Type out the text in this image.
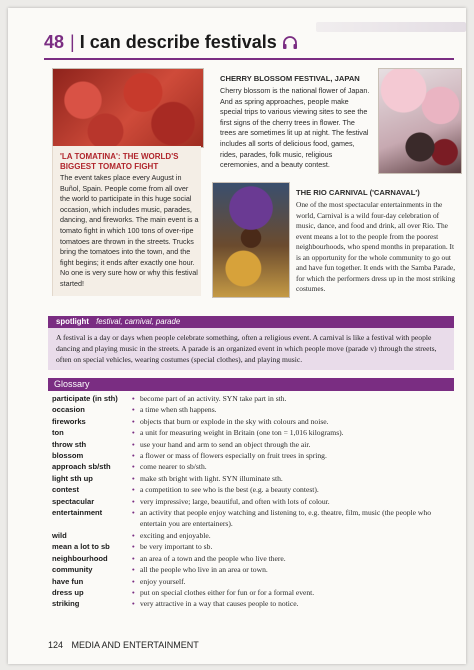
48 | I can describe festivals
'LA TOMATINA': THE WORLD'S BIGGEST TOMATO FIGHT
The event takes place every August in Buñol, Spain. People come from all over the world to participate in this huge social occasion, which includes music, parades, dancing, and fireworks. The main event is a tomato fight in which 100 tons of over-ripe tomatoes are thrown in the streets. Trucks bring the tomatoes into the town, and the fight begins; it ends after exactly one hour. No one is very sure how or why this festival started!
CHERRY BLOSSOM FESTIVAL, JAPAN
Cherry blossom is the national flower of Japan. And as spring approaches, people make special trips to various viewing sites to see the first signs of the cherry trees in flower. The trees are sometimes lit up at night. The festival includes all sorts of delicious food, games, rides, parades, folk music, religious ceremonies, and a beauty contest.
THE RIO CARNIVAL ('CARNAVAL')
One of the most spectacular entertainments in the world, Carnival is a wild four-day celebration of music, dance, and food and drink, all over Rio. The event means a lot to the people from the poorest neighbourhoods, who spend months in preparation. It is an opportunity for the whole community to go out and have fun together. It ends with the Samba Parade, for which the performers dress up in the most striking costumes.
spotlight festival, carnival, parade
A festival is a day or days when people celebrate something, often a religious event. A carnival is like a festival with people dancing and playing music in the streets. A parade is an organized event in which people move (parade v) through the streets, often on special vehicles, wearing costumes (special clothes), and playing music.
Glossary
participate (in sth)	• become part of an activity. SYN take part in sth.
occasion	• a time when sth happens.
fireworks	• objects that burn or explode in the sky with colours and noise.
ton	• a unit for measuring weight in Britain (one ton = 1,016 kilograms).
throw sth	• use your hand and arm to send an object through the air.
blossom	• a flower or mass of flowers especially on fruit trees in spring.
approach sb/sth	• come nearer to sb/sth.
light sth up	• make sth bright with light. SYN illuminate sth.
contest	• a competition to see who is the best (e.g. a beauty contest).
spectacular	• very impressive; large, beautiful, and often with lots of colour.
entertainment	• an activity that people enjoy watching and listening to, e.g. theatre, film, music (the people who entertain you are entertainers).
wild	• exciting and enjoyable.
mean a lot to sb	• be very important to sb.
neighbourhood	• an area of a town and the people who live there.
community	• all the people who live in an area or town.
have fun	• enjoy yourself.
dress up	• put on special clothes either for fun or for a formal event.
striking	• very attractive in a way that causes people to notice.
124 MEDIA AND ENTERTAINMENT
